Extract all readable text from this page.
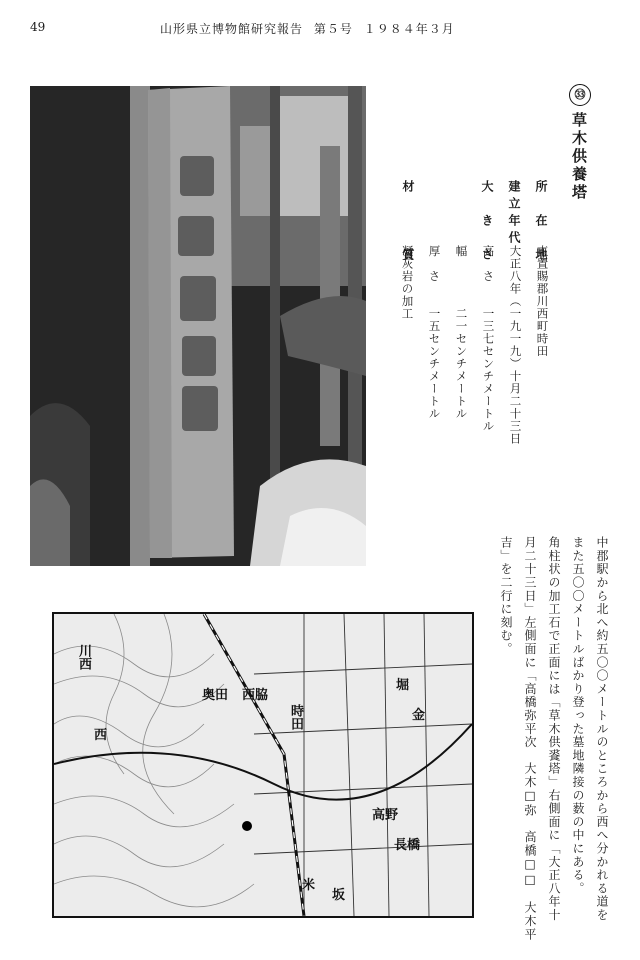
49	山形県立博物館研究報告 第５号 １９８４年３月
㉝
草木供養塔
所　在　地
東置賜郡川西町時田
建立年代
大正八年（一九一九）十月二十三日
大　き　さ
高　さ　　一三七センチメートル
幅　　　　二一センチメートル
厚　さ　　一五センチメートル
材　　　質
凝灰岩の加工
中郡駅から北へ約五〇〇メートルのところから西へ分かれる道を
また五〇〇メートルばかり登った墓地隣接の薮の中にある。
角柱状の加工石で正面には「草木供𩛰塔」右側面に「大正八年十
月二十三日」左側面に「高橋弥平次　大木□弥　高橋□□　大木平
吉」を二行に刻む。
川西
奥田
西
西脇
時田
堀
金
高野
長橋
米
坂
